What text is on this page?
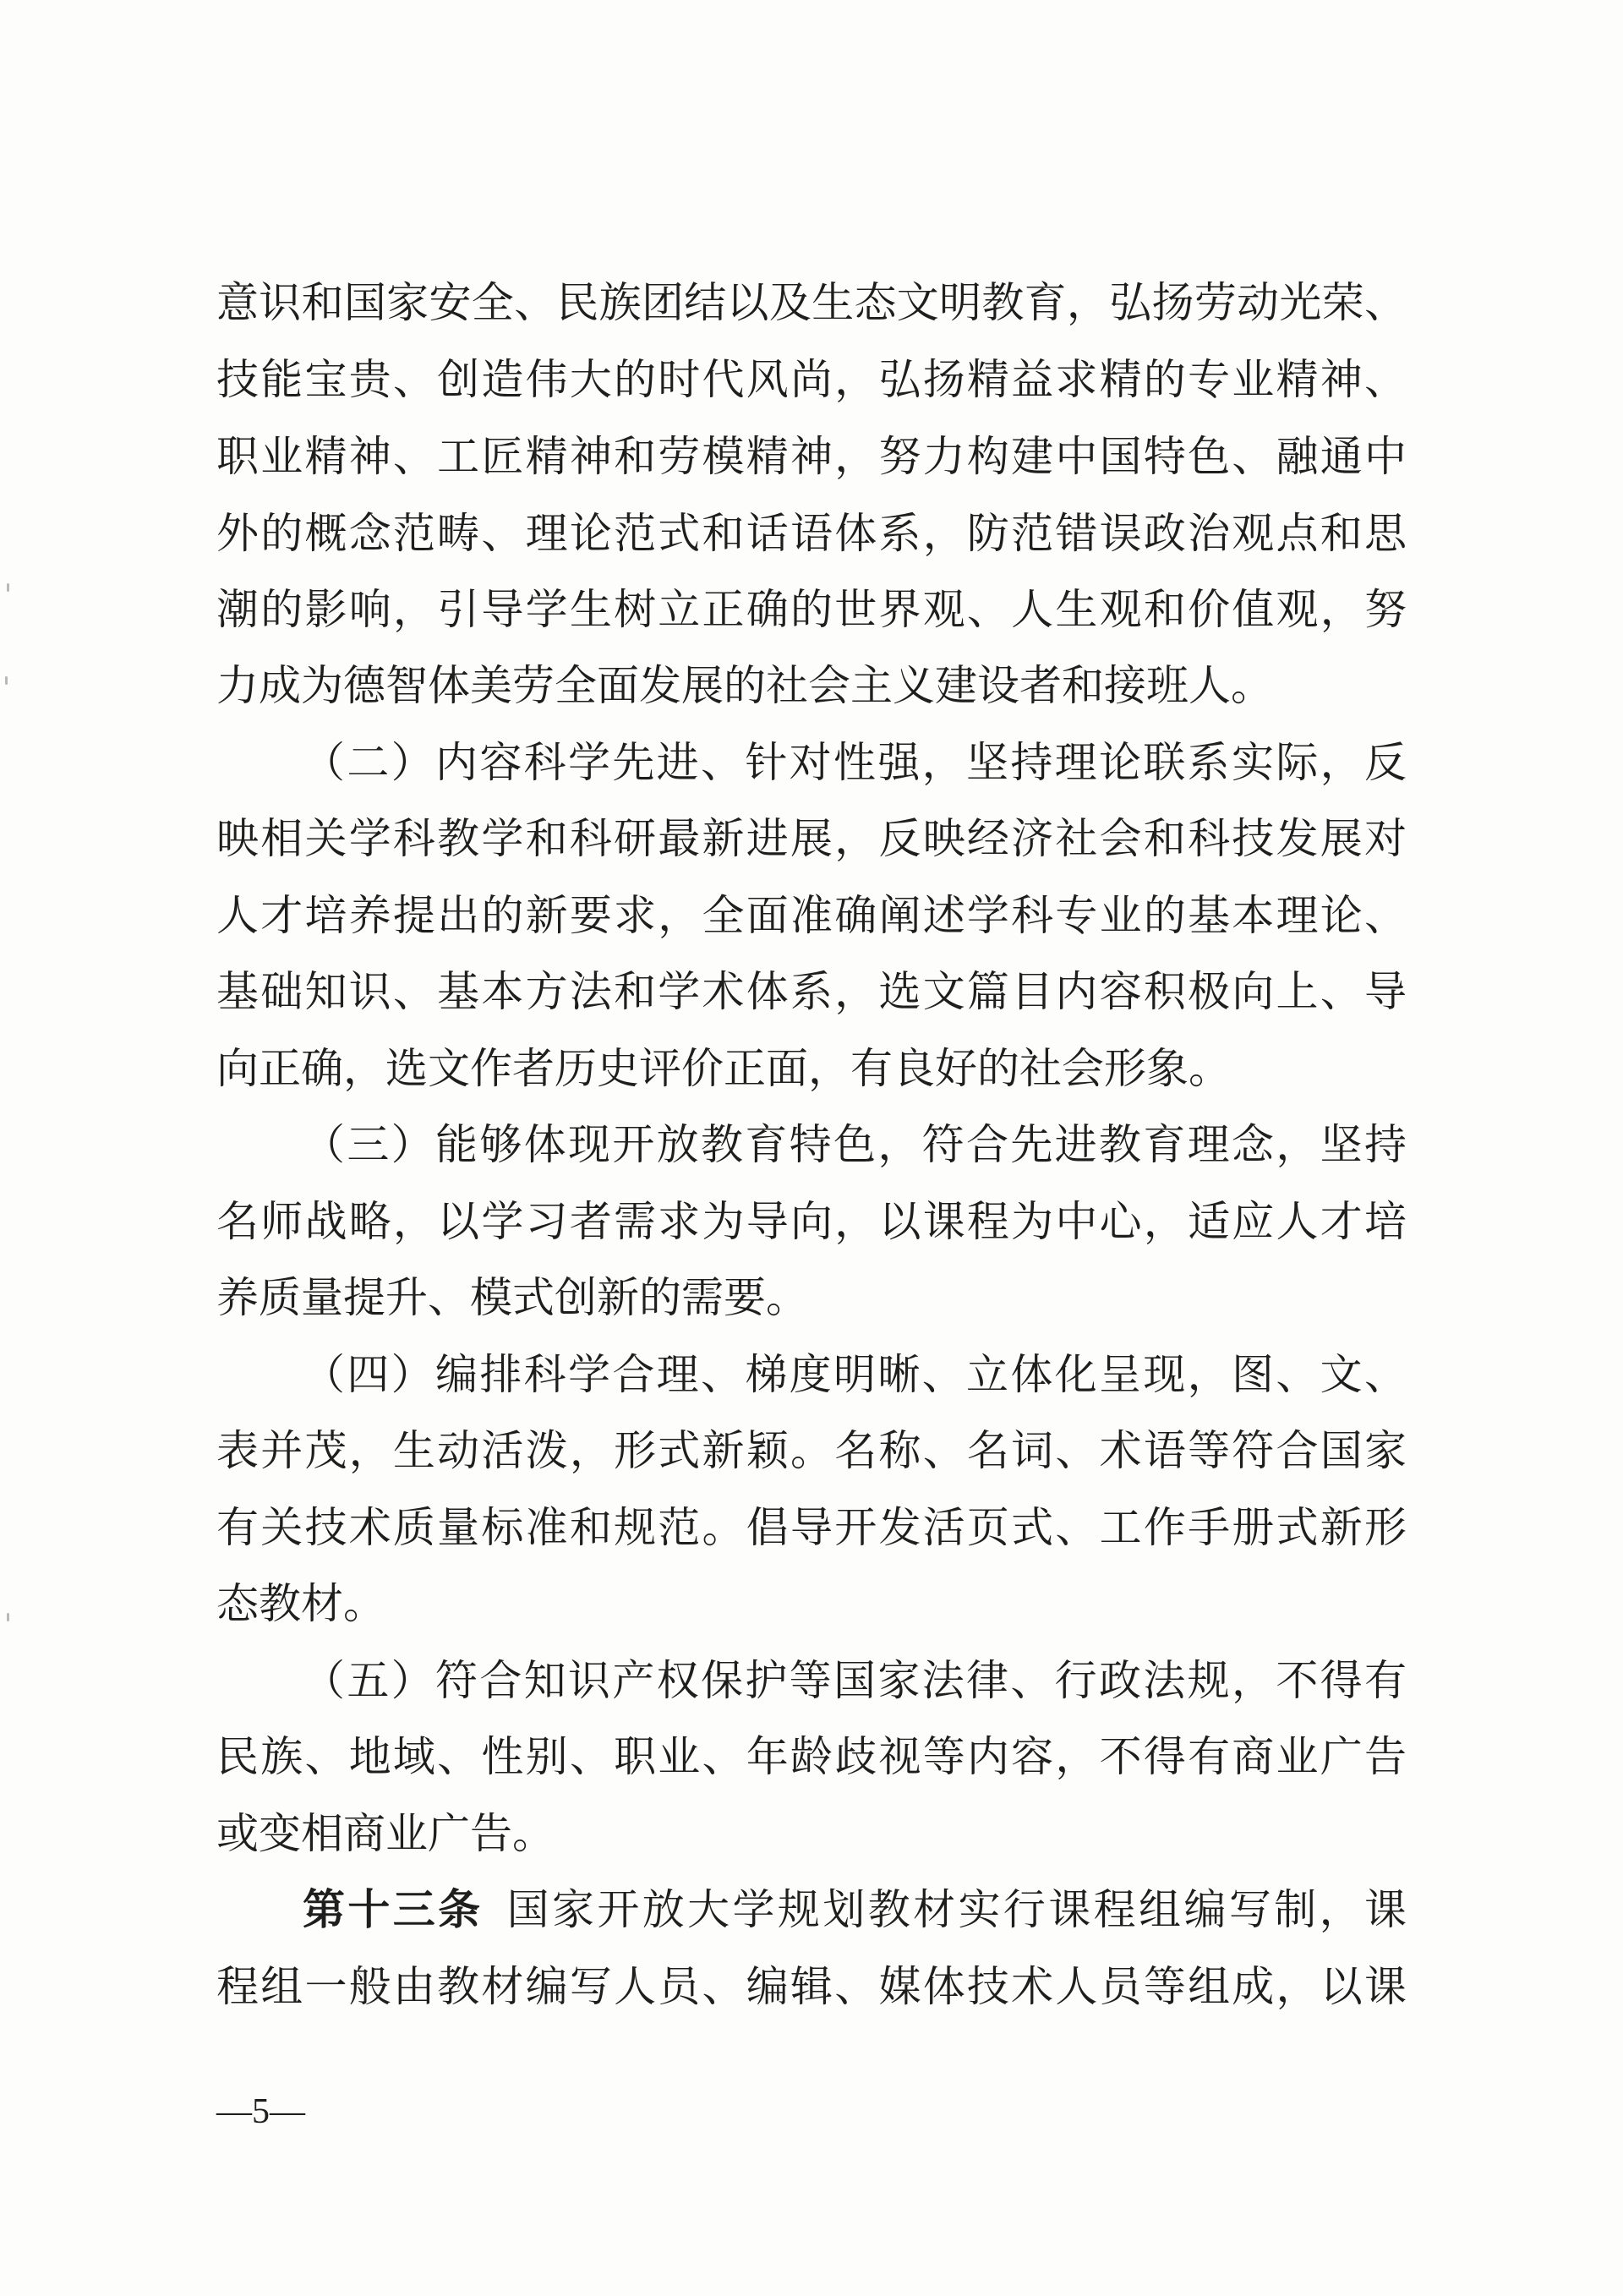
意识和国家安全、民族团结以及生态文明教育，弘扬劳动光荣、
技能宝贵、创造伟大的时代风尚，弘扬精益求精的专业精神、
职业精神、工匠精神和劳模精神，努力构建中国特色、融通中
外的概念范畴、理论范式和话语体系，防范错误政治观点和思
潮的影响，引导学生树立正确的世界观、人生观和价值观，努
力成为德智体美劳全面发展的社会主义建设者和接班人。
（二）内容科学先进、针对性强，坚持理论联系实际，反
映相关学科教学和科研最新进展，反映经济社会和科技发展对
人才培养提出的新要求，全面准确阐述学科专业的基本理论、
基础知识、基本方法和学术体系，选文篇目内容积极向上、导
向正确，选文作者历史评价正面，有良好的社会形象。
（三）能够体现开放教育特色，符合先进教育理念，坚持
名师战略，以学习者需求为导向，以课程为中心，适应人才培
养质量提升、模式创新的需要。
（四）编排科学合理、梯度明晰、立体化呈现，图、文、
表并茂，生动活泼，形式新颖。名称、名词、术语等符合国家
有关技术质量标准和规范。倡导开发活页式、工作手册式新形
态教材。
（五）符合知识产权保护等国家法律、行政法规，不得有
民族、地域、性别、职业、年龄歧视等内容，不得有商业广告
或变相商业广告。
第十三条 国家开放大学规划教材实行课程组编写制，课
程组一般由教材编写人员、编辑、媒体技术人员等组成，以课
—5—
